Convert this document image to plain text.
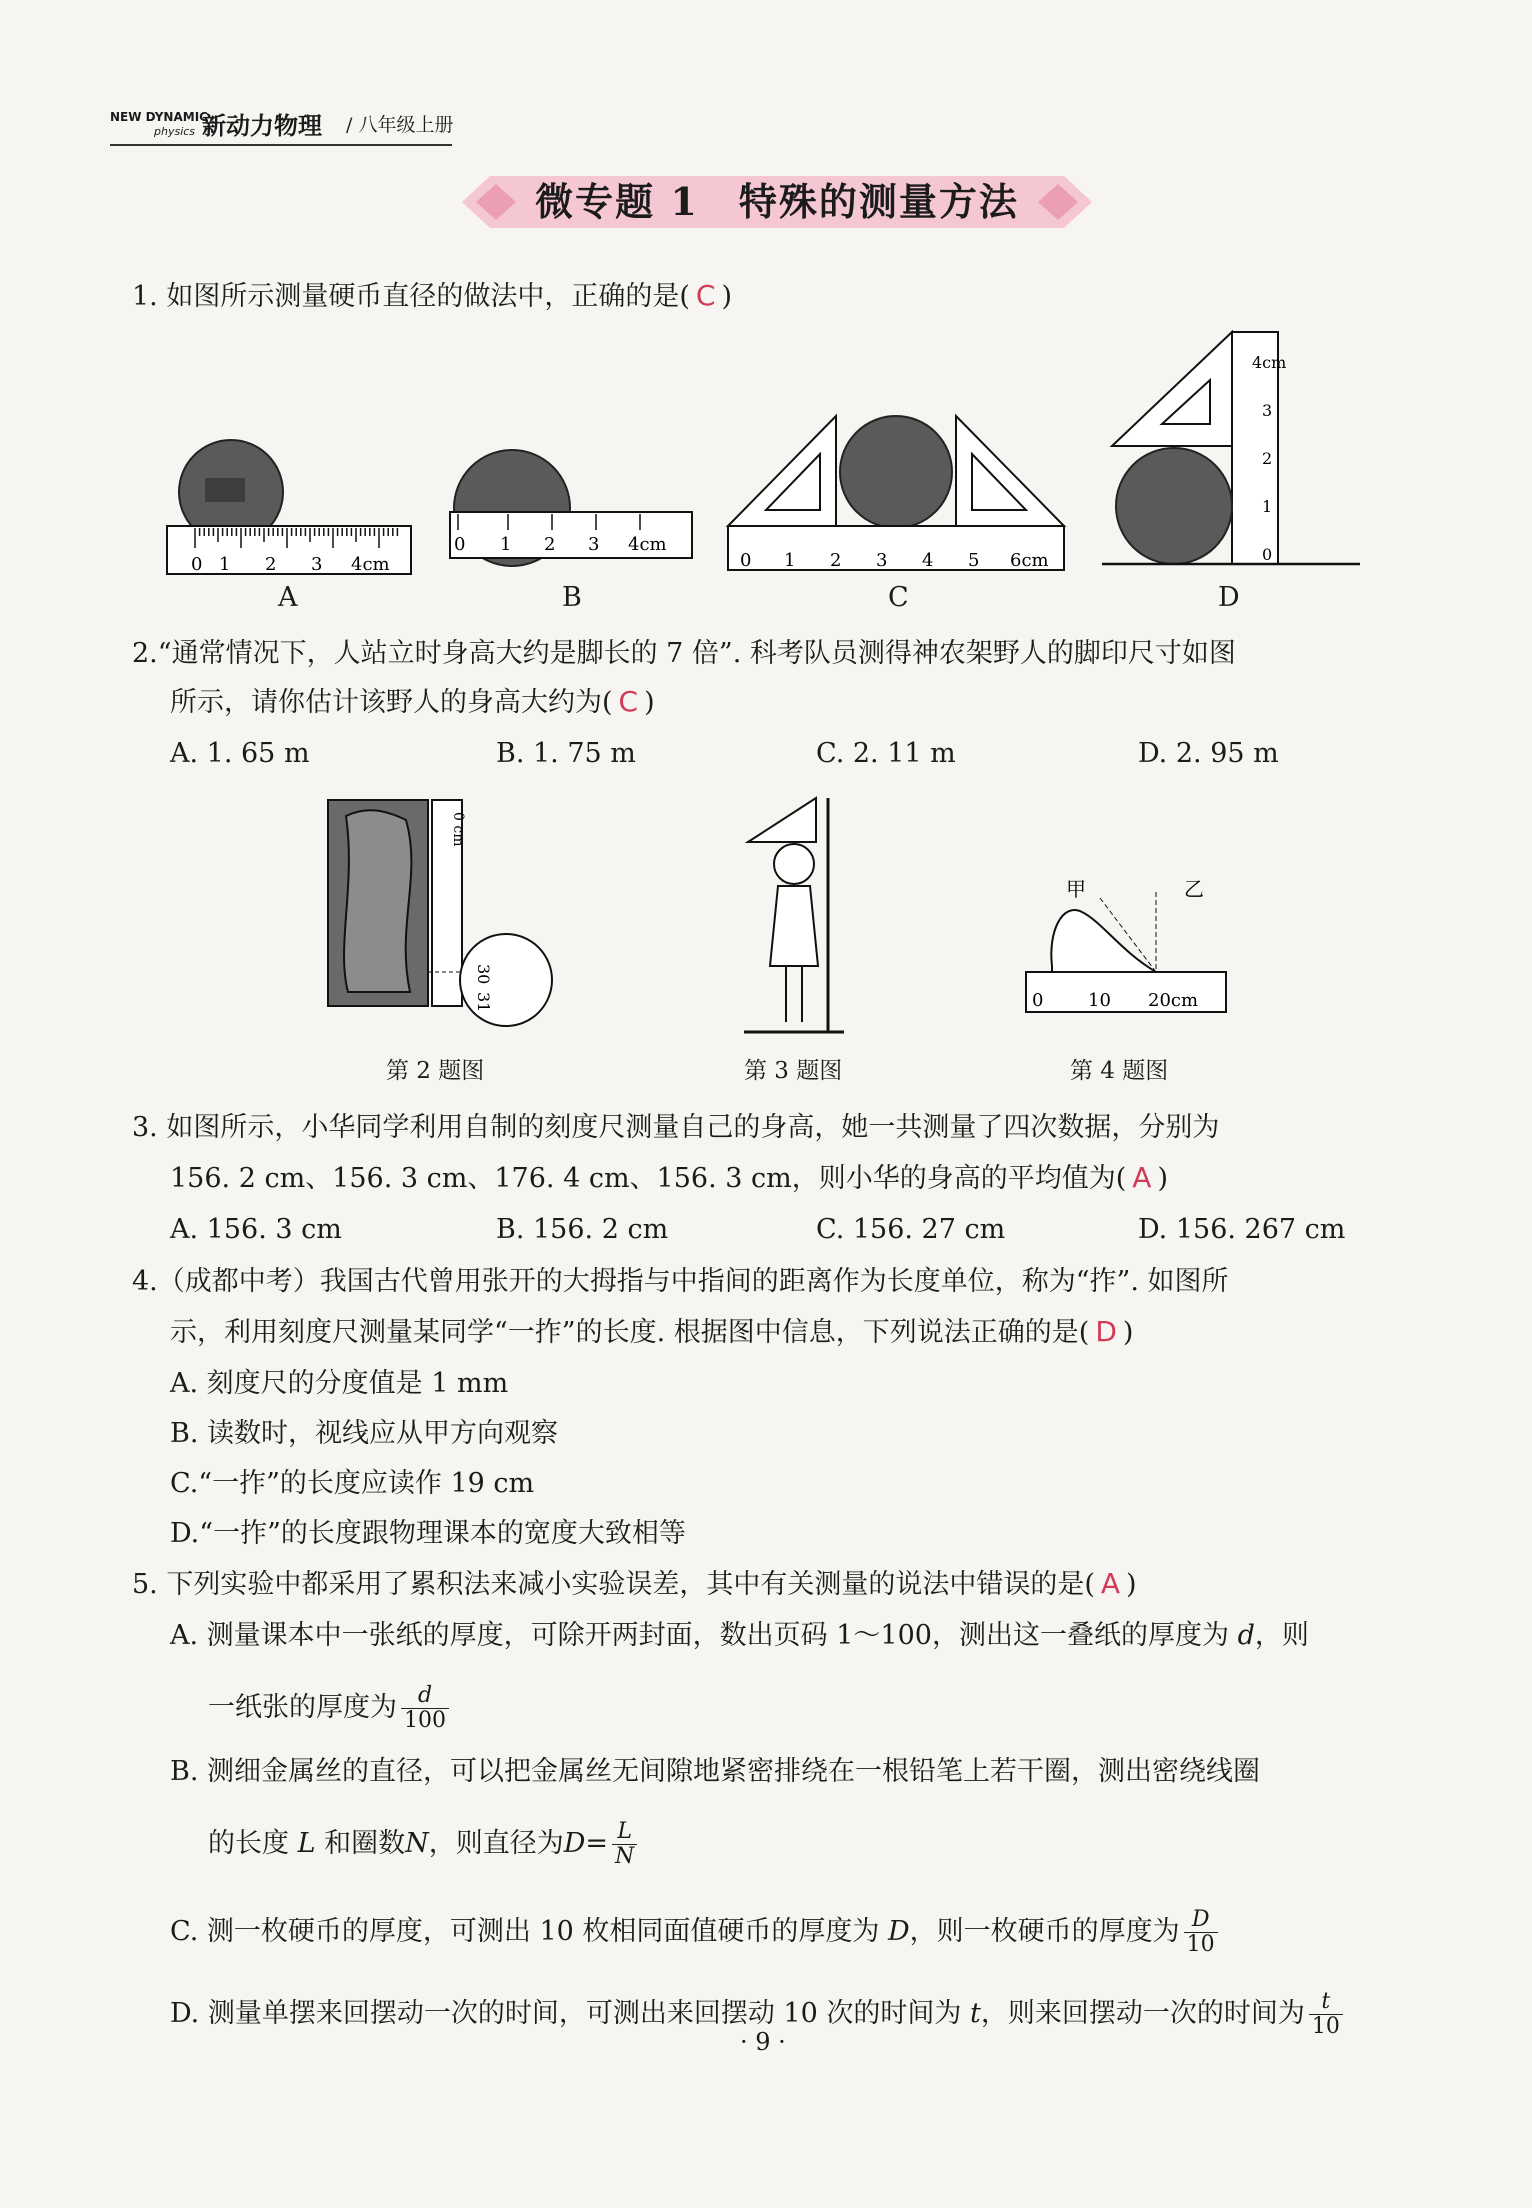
NEW DYNAMIC
physics 新动力物理 / 八年级上册
微专题 1　特殊的测量方法
1. 如图所示测量硬币直径的做法中，正确的是( C )
0 1 2 3 4cm
A
0 1 2 3 4cm
B
0 1 2 3 4 5 6cm
C
0
1
2
3
4cm
D
2.“通常情况下，人站立时身高大约是脚长的 7 倍”. 科考队员测得神农架野人的脚印尺寸如图
所示，请你估计该野人的身高大约为( C )
A. 1. 65 m	B. 1. 75 m	C. 2. 11 m	D. 2. 95 m
0 cm
30
31
第 2 题图	第 3 题图
甲	乙
0 10 20cm
第 4 题图
3. 如图所示，小华同学利用自制的刻度尺测量自己的身高，她一共测量了四次数据，分别为
156. 2 cm、156. 3 cm、176. 4 cm、156. 3 cm，则小华的身高的平均值为( A )
A. 156. 3 cm	B. 156. 2 cm	C. 156. 27 cm	D. 156. 267 cm
4.（成都中考）我国古代曾用张开的大拇指与中指间的距离作为长度单位，称为“拃”. 如图所
示，利用刻度尺测量某同学“一拃”的长度. 根据图中信息，下列说法正确的是( D )
A. 刻度尺的分度值是 1 mm
B. 读数时，视线应从甲方向观察
C.“一拃”的长度应读作 19 cm
D.“一拃”的长度跟物理课本的宽度大致相等
5. 下列实验中都采用了累积法来减小实验误差，其中有关测量的说法中错误的是( A )
A. 测量课本中一张纸的厚度，可除开两封面，数出页码 1～100，测出这一叠纸的厚度为 d，则
一纸张的厚度为 $\frac{d}{100}$
B. 测细金属丝的直径，可以把金属丝无间隙地紧密排绕在一根铅笔上若干圈，测出密绕线圈
的长度 L 和圈数N，则直径为$D= \frac{L}{N}$
C. 测一枚硬币的厚度，可测出 10 枚相同面值硬币的厚度为 D，则一枚硬币的厚度为 $\frac{D}{10}$
D. 测量单摆来回摆动一次的时间，可测出来回摆动 10 次的时间为 t，则来回摆动一次的时间为 $\frac{t}{10}$
· 9 ·
